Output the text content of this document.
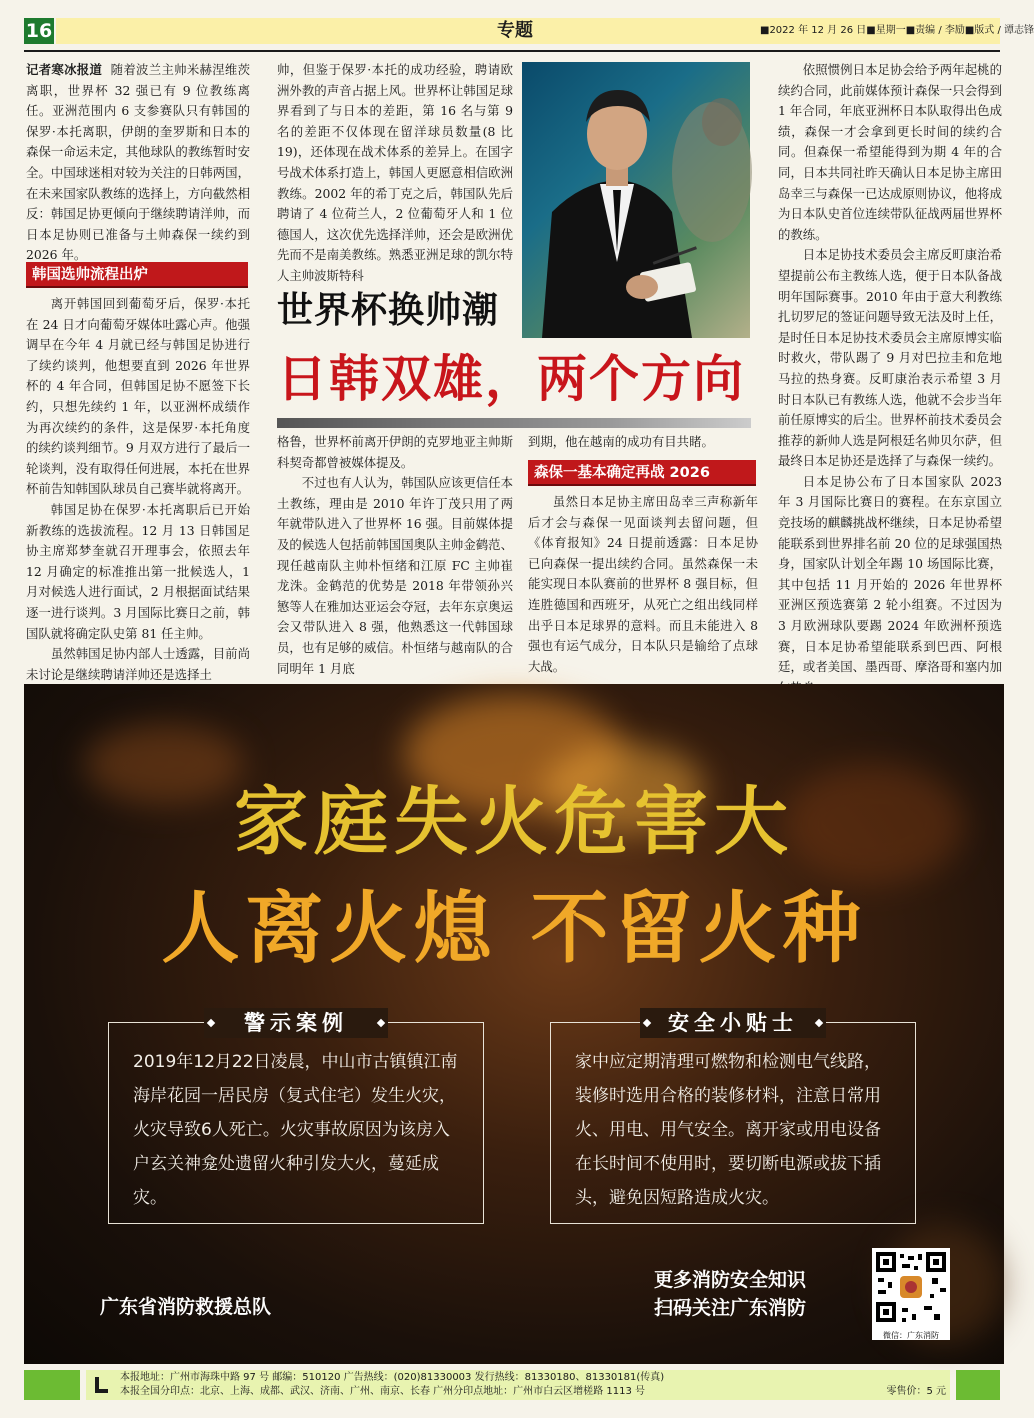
16	专题	■2022 年 12 月 26 日■星期一■责编 / 李励■版式 / 谭志锋

记者寒冰报道 随着波兰主帅米赫涅维茨离职，世界杯 32 强已有 9 位教练离任。亚洲范围内 6 支参赛队只有韩国的保罗·本托离职，伊朗的奎罗斯和日本的森保一命运未定，其他球队的教练暂时安全。中国球迷相对较为关注的日韩两国，在未来国家队教练的选择上，方向截然相反：韩国足协更倾向于继续聘请洋帅，而日本足协则已准备与土帅森保一续约到 2026 年。

韩国选帅流程出炉

离开韩国回到葡萄牙后，保罗·本托在 24 日才向葡萄牙媒体吐露心声。他强调早在今年 4 月就已经与韩国足协进行了续约谈判，他想要直到 2026 年世界杯的 4 年合同，但韩国足协不愿签下长约，只想先续约 1 年，以亚洲杯成绩作为再次续约的条件，这是保罗·本托角度的续约谈判细节。9 月双方进行了最后一轮谈判，没有取得任何进展，本托在世界杯前告知韩国队球员自己赛毕就将离开。

韩国足协在保罗·本托离职后已开始新教练的选拔流程。12 月 13 日韩国足协主席郑梦奎就召开理事会，依照去年 12 月确定的标准推出第一批候选人，1 月对候选人进行面试，2 月根据面试结果逐一进行谈判。3 月国际比赛日之前，韩国队就将确定队史第 81 任主帅。

虽然韩国足协内部人士透露，目前尚未讨论是继续聘请洋帅还是选择土

帅，但鉴于保罗·本托的成功经验，聘请欧洲外教的声音占据上风。世界杯让韩国足球界看到了与日本的差距，第 16 名与第 9 名的差距不仅体现在留洋球员数量(8 比 19)，还体现在战术体系的差异上。在国字号战术体系打造上，韩国人更愿意相信欧洲教练。2002 年的希丁克之后，韩国队先后聘请了 4 位荷兰人，2 位葡萄牙人和 1 位德国人，这次优先选择洋帅，还会是欧洲优先而不是南美教练。熟悉亚洲足球的凯尔特人主帅波斯特科

世界杯换帅潮
日韩双雄，两个方向

格鲁，世界杯前离开伊朗的克罗地亚主帅斯科契奇都曾被媒体提及。

不过也有人认为，韩国队应该更信任本土教练，理由是 2010 年许丁茂只用了两年就带队进入了世界杯 16 强。目前媒体提及的候选人包括前韩国国奥队主帅金鹤范、现任越南队主帅朴恒绪和江原 FC 主帅崔龙洙。金鹤范的优势是 2018 年带领孙兴慜等人在雅加达亚运会夺冠，去年东京奥运会又带队进入 8 强，他熟悉这一代韩国球员，也有足够的威信。朴恒绪与越南队的合同明年 1 月底

到期，他在越南的成功有目共睹。

森保一基本确定再战 2026

虽然日本足协主席田岛幸三声称新年后才会与森保一见面谈判去留问题，但《体育报知》24 日提前透露：日本足协已向森保一提出续约合同。虽然森保一未能实现日本队赛前的世界杯 8 强目标，但连胜德国和西班牙，从死亡之组出线同样出乎日本足球界的意料。而且未能进入 8 强也有运气成分，日本队只是输给了点球大战。

依照惯例日本足协会给予两年起桃的续约合同，此前媒体预计森保一只会得到 1 年合同，年底亚洲杯日本队取得出色成绩，森保一才会拿到更长时间的续约合同。但森保一希望能得到为期 4 年的合同，日本共同社昨天确认日本足协主席田岛幸三与森保一已达成原则协议，他将成为日本队史首位连续带队征战两届世界杯的教练。

日本足协技术委员会主席反町康治希望提前公布主教练人选，便于日本队备战明年国际赛事。2010 年由于意大利教练扎切罗尼的签证问题导致无法及时上任，是时任日本足协技术委员会主席原博实临时救火，带队踢了 9 月对巴拉圭和危地马拉的热身赛。反町康治表示希望 3 月时日本队已有教练人选，他就不会步当年前任原博实的后尘。世界杯前技术委员会推荐的新帅人选是阿根廷名帅贝尔萨，但最终日本足协还是选择了与森保一续约。

日本足协公布了日本国家队 2023 年 3 月国际比赛日的赛程。在东京国立竞技场的麒麟挑战杯继续，日本足协希望能联系到世界排名前 20 位的足球强国热身，国家队计划全年踢 10 场国际比赛，其中包括 11 月开始的 2026 年世界杯亚洲区预选赛第 2 轮小组赛。不过因为 3 月欧洲球队要踢 2024 年欧洲杯预选赛，日本足协希望能联系到巴西、阿根廷，或者美国、墨西哥、摩洛哥和塞内加

家庭失火危害大
人离火熄 不留火种
2019年12月22日凌晨，中山市古镇镇江南海岸花园一居民房（复式住宅）发生火灾，火灾导致6人死亡。火灾事故原因为该房入户玄关神龛处遗留火种引发大火，蔓延成灾。
警示案例
家中应定期清理可燃物和检测电气线路，装修时选用合格的装修材料，注意日常用火、用电、用气安全。离开家或用电设备在长时间不使用时，要切断电源或拔下插头，避免因短路造成火灾。
安全小贴士
广东省消防救援总队
更多消防安全知识
扫码关注广东消防
微信：广东消防
本报地址：广州市海珠中路 97 号 邮编：510120 广告热线：(020)81330003 发行热线：81330180、81330181(传真)
本报全国分印点：北京、上海、成都、武汉、济南、广州、南京、长春 广州分印点地址：广州市白云区增槎路 1113 号	零售价：5 元
